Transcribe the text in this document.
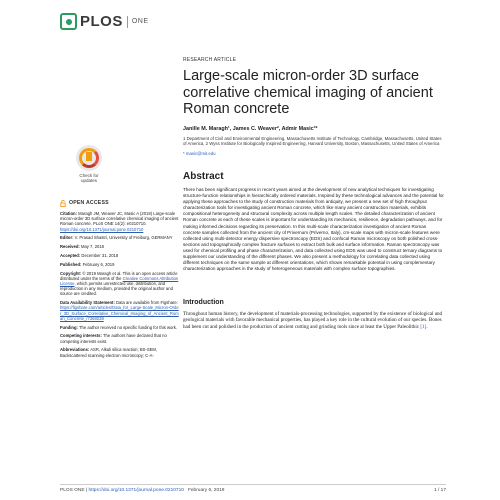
PLOS ONE
Check for updates
OPEN ACCESS
Citation: Maragh JM, Weaver JC, Masic A (2019) Large-scale micron-order 3D surface correlative chemical imaging of ancient Roman concrete. PLoS ONE 14(2): e0210710. https://doi.org/10.1371/journal.pone.0210710
Editor: V. Prasad Shastri, University of Freiburg, GERMANY
Received: May 7, 2018
Accepted: December 31, 2018
Published: February 6, 2019
Copyright: © 2019 Maragh et al. This is an open access article distributed under the terms of the Creative Commons Attribution License, which permits unrestricted use, distribution, and reproduction in any medium, provided the original author and source are credited.
Data Availability Statement: Data are available from Figshare: https://figshare.com/articles/Data_for_Large-Scale_Micron-Order_3D_Surface_Correlative_Chemical_Imaging_of_Ancient_Roman_Concrete_/7368038
Funding: The author received no specific funding for this work.
Competing interests: The authors have declared that no competing interests exist.
Abbreviations: ASR, Alkali silica reaction; BS-SEM, Backscattered scanning electron microscopy; C-A-
RESEARCH ARTICLE
Large-scale micron-order 3D surface correlative chemical imaging of ancient Roman concrete
Janille M. Maragh¹, James C. Weaver², Admir Masic¹*
1 Department of Civil and Environmental Engineering, Massachusetts Institute of Technology, Cambridge, Massachusetts, United States of America, 2 Wyss Institute for Biologically Inspired Engineering, Harvard University, Boston, Massachusetts, United States of America
* masic@mit.edu
Abstract

There has been significant progress in recent years aimed at the development of new analytical techniques for investigating structure-function relationships in hierarchically ordered materials. Inspired by these technological advances and the potential for applying these approaches to the study of construction materials from antiquity, we present a new set of high throughput characterization tools for investigating ancient Roman concrete, which like many ancient construction materials, exhibits compositional heterogeneity and structural complexity across multiple length scales. The detailed characterization of ancient Roman concrete at each of these scales is important for understanding its mechanics, resilience, degradation pathways, and for making informed decisions regarding its preservation. In this multi-scale characterization investigation of ancient Roman concrete samples collected from the ancient city of Privernum (Priverno, Italy), cm-scale maps with micron-scale features were collected using multi-detector energy dispersive spectroscopy (EDS) and confocal Raman microscopy on both polished cross-sections and topographically complex fracture surfaces to extract both bulk and surface information. Raman spectroscopy was used for chemical profiling and phase characterization, and data collected using EDS was used to construct ternary diagrams to supplement our understanding of the different phases. We also present a methodology for correlating data collected using different techniques on the same sample at different orientations, which shows remarkable potential in using complementary characterization approaches in the study of heterogeneous materials with complex surface topographies.

Introduction

Throughout human history, the development of materials-processing technologies, supported by the existence of biological and geological materials with favorable mechanical properties, has played a key role in the cultural evolution of our species. Bones had been cut and polished in the production of ancient cutting and grinding tools since at least the Upper Paleolithic [1].

PLOS ONE | https://doi.org/10.1371/journal.pone.0210710 February 6, 2019	1 / 17
